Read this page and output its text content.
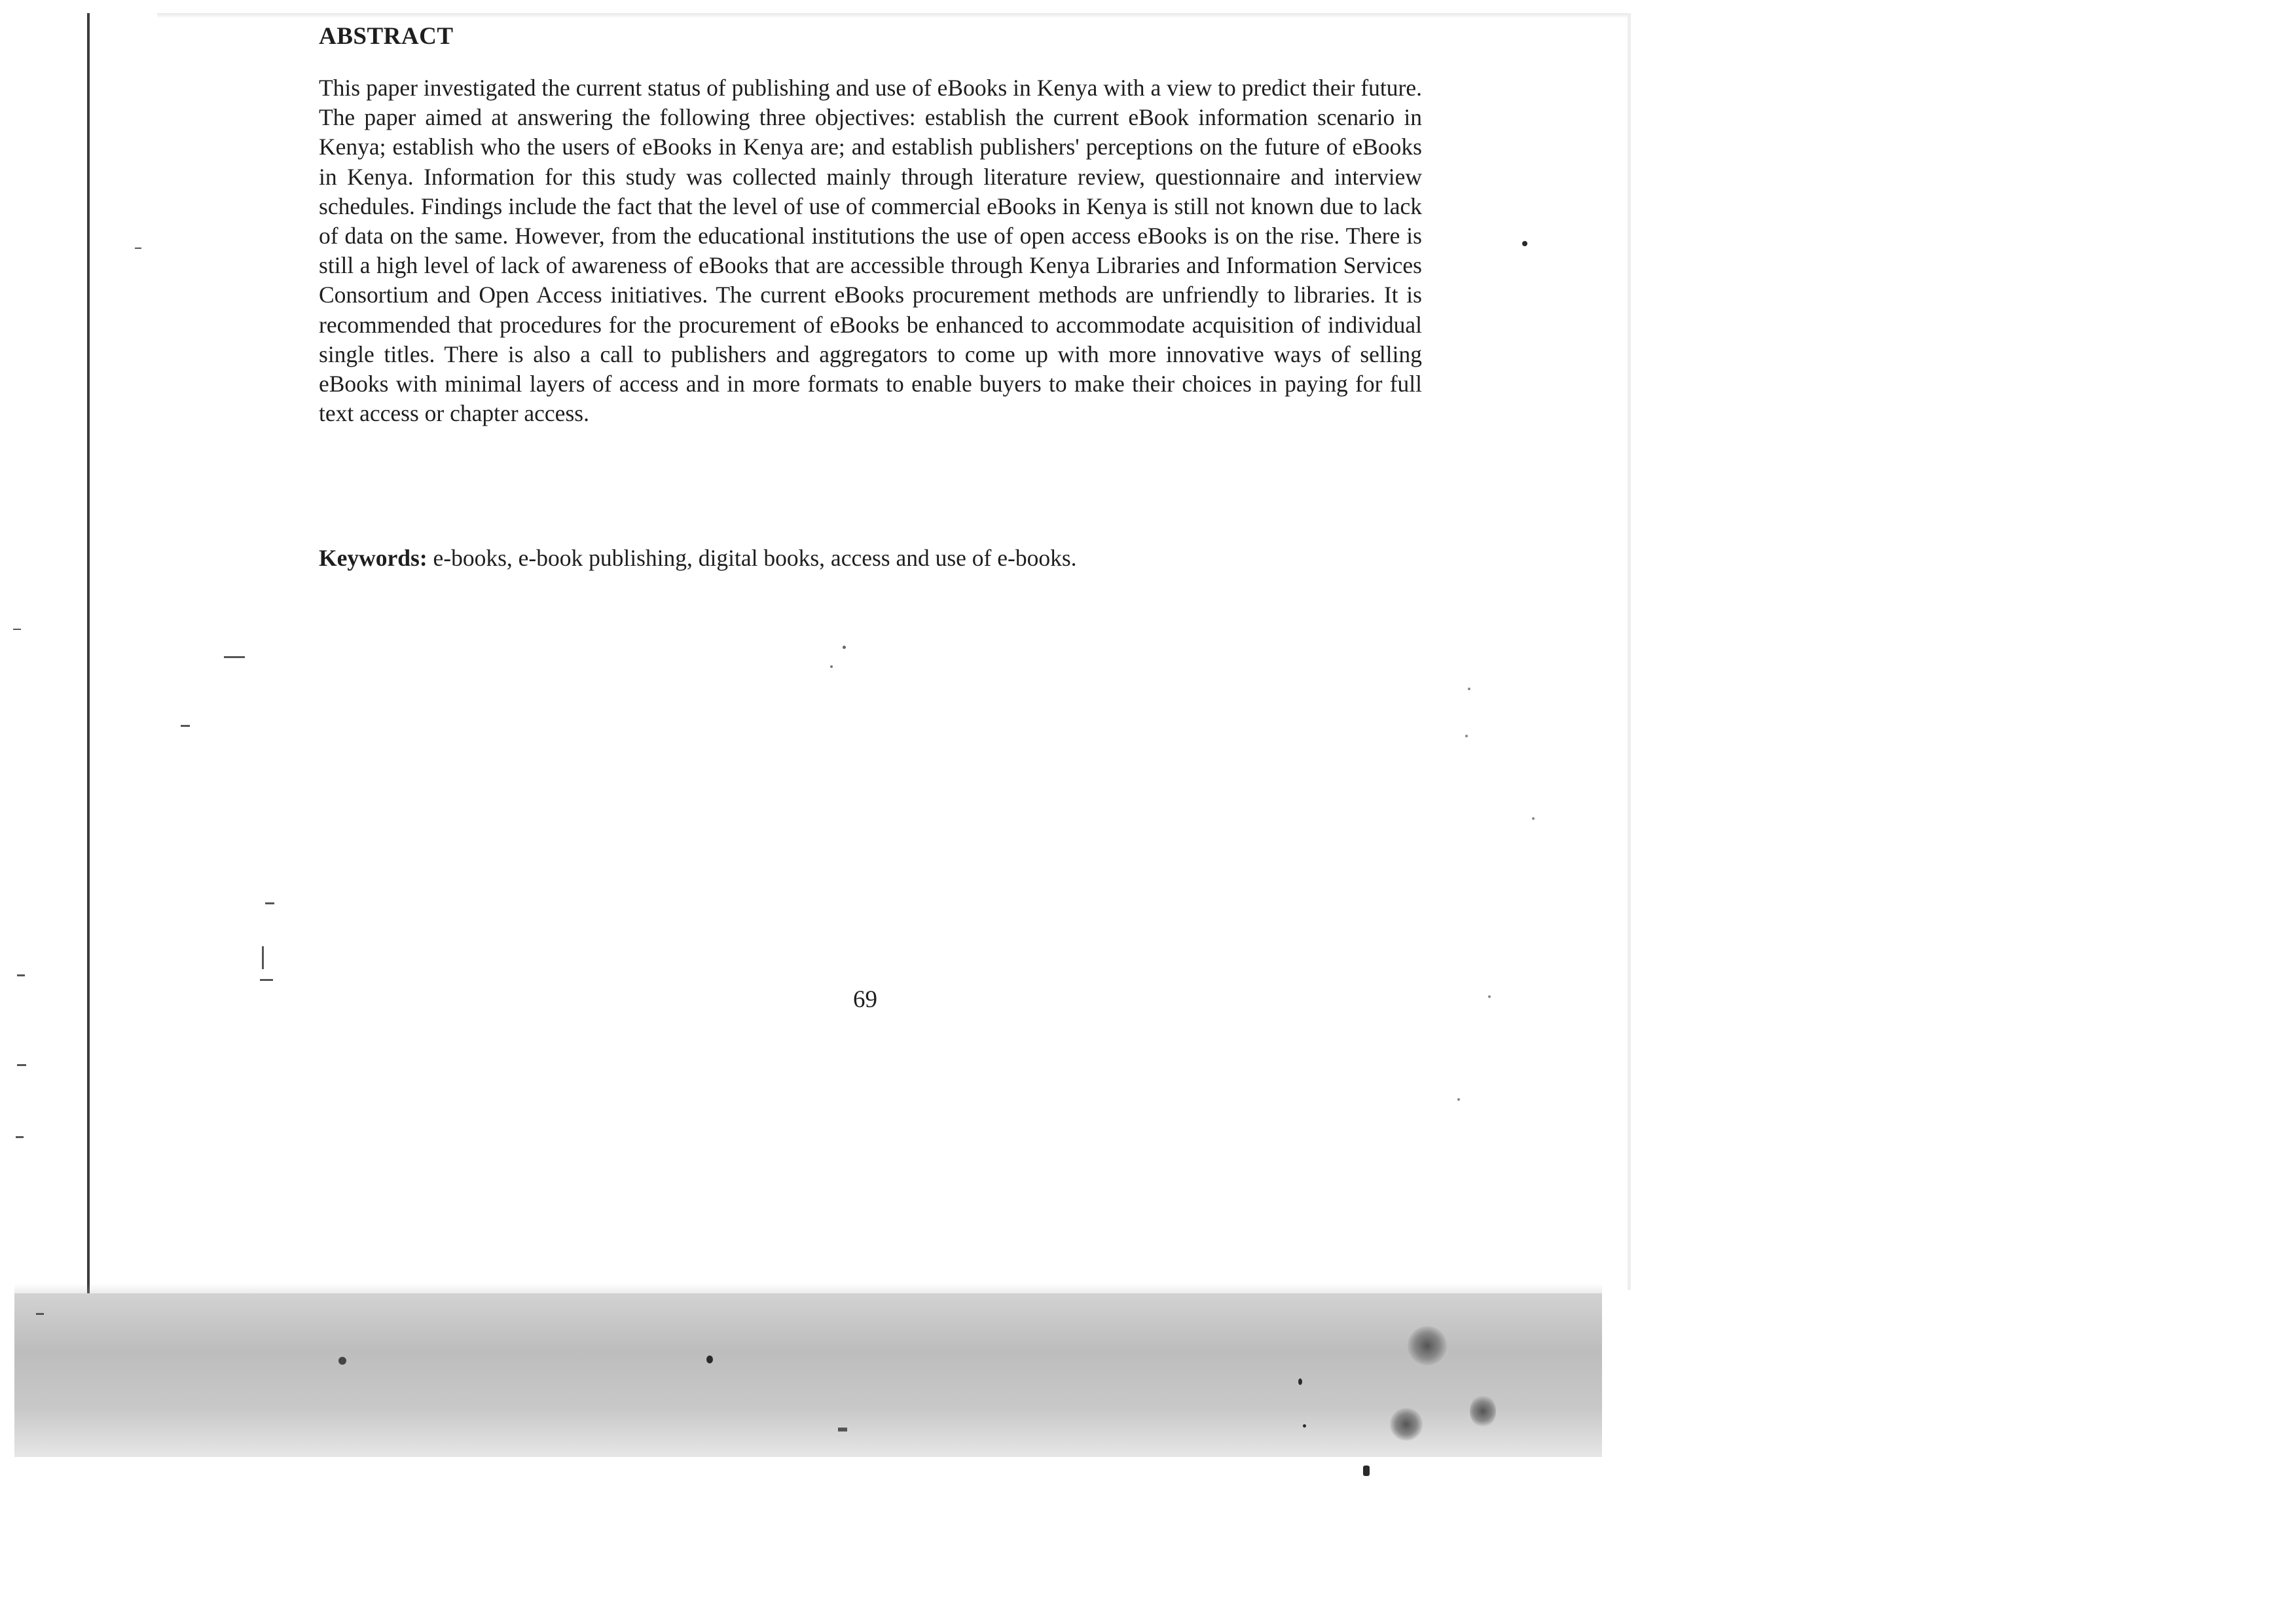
ABSTRACT

This paper investigated the current status of publishing and use of eBooks in Kenya with a view to predict their future. The paper aimed at answering the following three objectives: establish the current eBook information scenario in Kenya; establish who the users of eBooks in Kenya are; and establish publishers' perceptions on the future of eBooks in Kenya. Information for this study was collected mainly through literature review, questionnaire and interview schedules. Findings include the fact that the level of use of commercial eBooks in Kenya is still not known due to lack of data on the same. However, from the educational institutions the use of open access eBooks is on the rise. There is still a high level of lack of awareness of eBooks that are accessible through Kenya Libraries and Information Services Consortium and Open Access initiatives. The current eBooks procurement methods are unfriendly to libraries. It is recommended that procedures for the procurement of eBooks be enhanced to accommodate acquisition of individual single titles. There is also a call to publishers and aggregators to come up with more innovative ways of selling eBooks with minimal layers of access and in more formats to enable buyers to make their choices in paying for full text access or chapter access.

Keywords: e-books, e-book publishing, digital books, access and use of e-books.

69
